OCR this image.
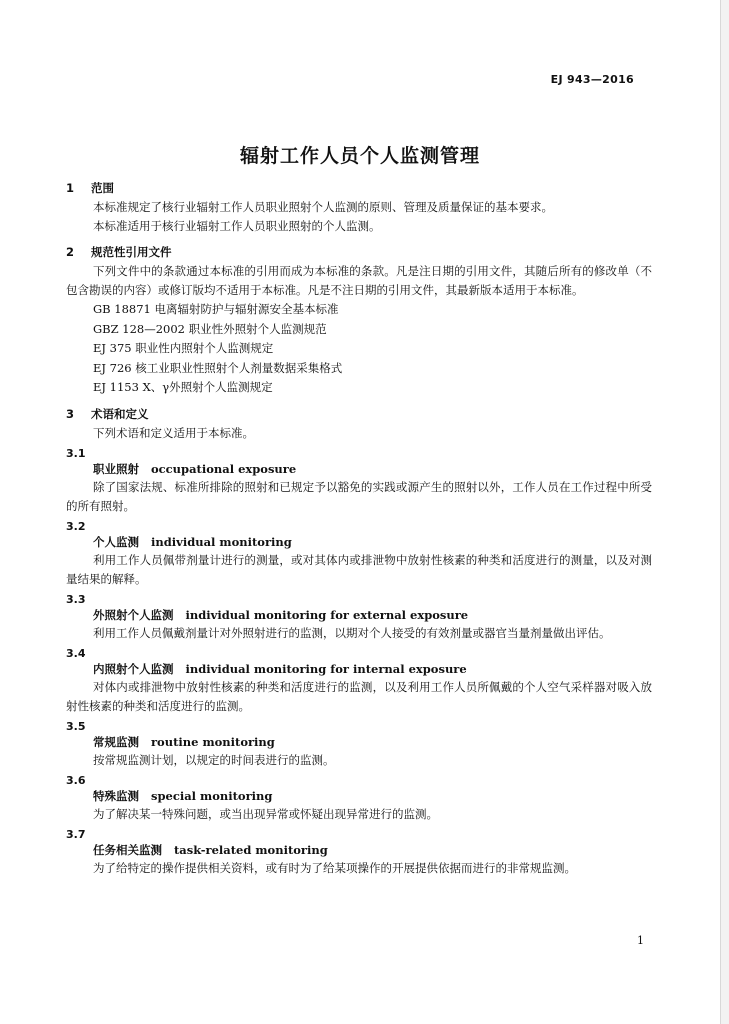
EJ 943—2016
辐射工作人员个人监测管理
1 范围
本标准规定了核行业辐射工作人员职业照射个人监测的原则、管理及质量保证的基本要求。
本标准适用于核行业辐射工作人员职业照射的个人监测。
2 规范性引用文件
下列文件中的条款通过本标准的引用而成为本标准的条款。凡是注日期的引用文件，其随后所有的修改单（不包含勘误的内容）或修订版均不适用于本标准。凡是不注日期的引用文件，其最新版本适用于本标准。
GB 18871 电离辐射防护与辐射源安全基本标准
GBZ 128—2002 职业性外照射个人监测规范
EJ 375 职业性内照射个人监测规定
EJ 726 核工业职业性照射个人剂量数据采集格式
EJ 1153 X、γ外照射个人监测规定
3 术语和定义
下列术语和定义适用于本标准。
3.1
职业照射 occupational exposure
除了国家法规、标准所排除的照射和已规定予以豁免的实践或源产生的照射以外，工作人员在工作过程中所受的所有照射。
3.2
个人监测 individual monitoring
利用工作人员佩带剂量计进行的测量，或对其体内或排泄物中放射性核素的种类和活度进行的测量，以及对测量结果的解释。
3.3
外照射个人监测 individual monitoring for external exposure
利用工作人员佩戴剂量计对外照射进行的监测，以期对个人接受的有效剂量或器官当量剂量做出评估。
3.4
内照射个人监测 individual monitoring for internal exposure
对体内或排泄物中放射性核素的种类和活度进行的监测，以及利用工作人员所佩戴的个人空气采样器对吸入放射性核素的种类和活度进行的监测。
3.5
常规监测 routine monitoring
按常规监测计划，以规定的时间表进行的监测。
3.6
特殊监测 special monitoring
为了解决某一特殊问题，或当出现异常或怀疑出现异常进行的监测。
3.7
任务相关监测 task-related monitoring
为了给特定的操作提供相关资料，或有时为了给某项操作的开展提供依据而进行的非常规监测。
1
